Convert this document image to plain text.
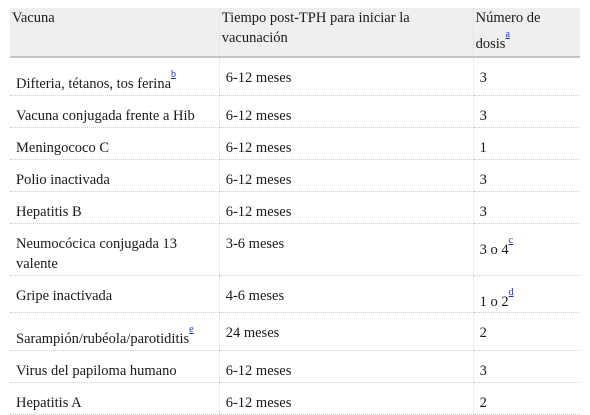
Vacuna	Tiempo post-TPH para iniciar la vacunación	Número de dosis$^{^a}$
Difteria, tétanos, tos ferina$^{^b}$	6-12 meses	3
Vacuna conjugada frente a Hib	6-12 meses	3
Meningococo C	6-12 meses	1
Polio inactivada	6-12 meses	3
Hepatitis B	6-12 meses	3
Neumocócica conjugada 13 valente	3-6 meses	3 o 4$^{^c}$
Gripe inactivada	4-6 meses	1 o 2$^{^d}$
Sarampión/rubéola/parotiditis$^{^e}$	24 meses	2
Virus del papiloma humano	6-12 meses	3
Hepatitis A	6-12 meses	2
